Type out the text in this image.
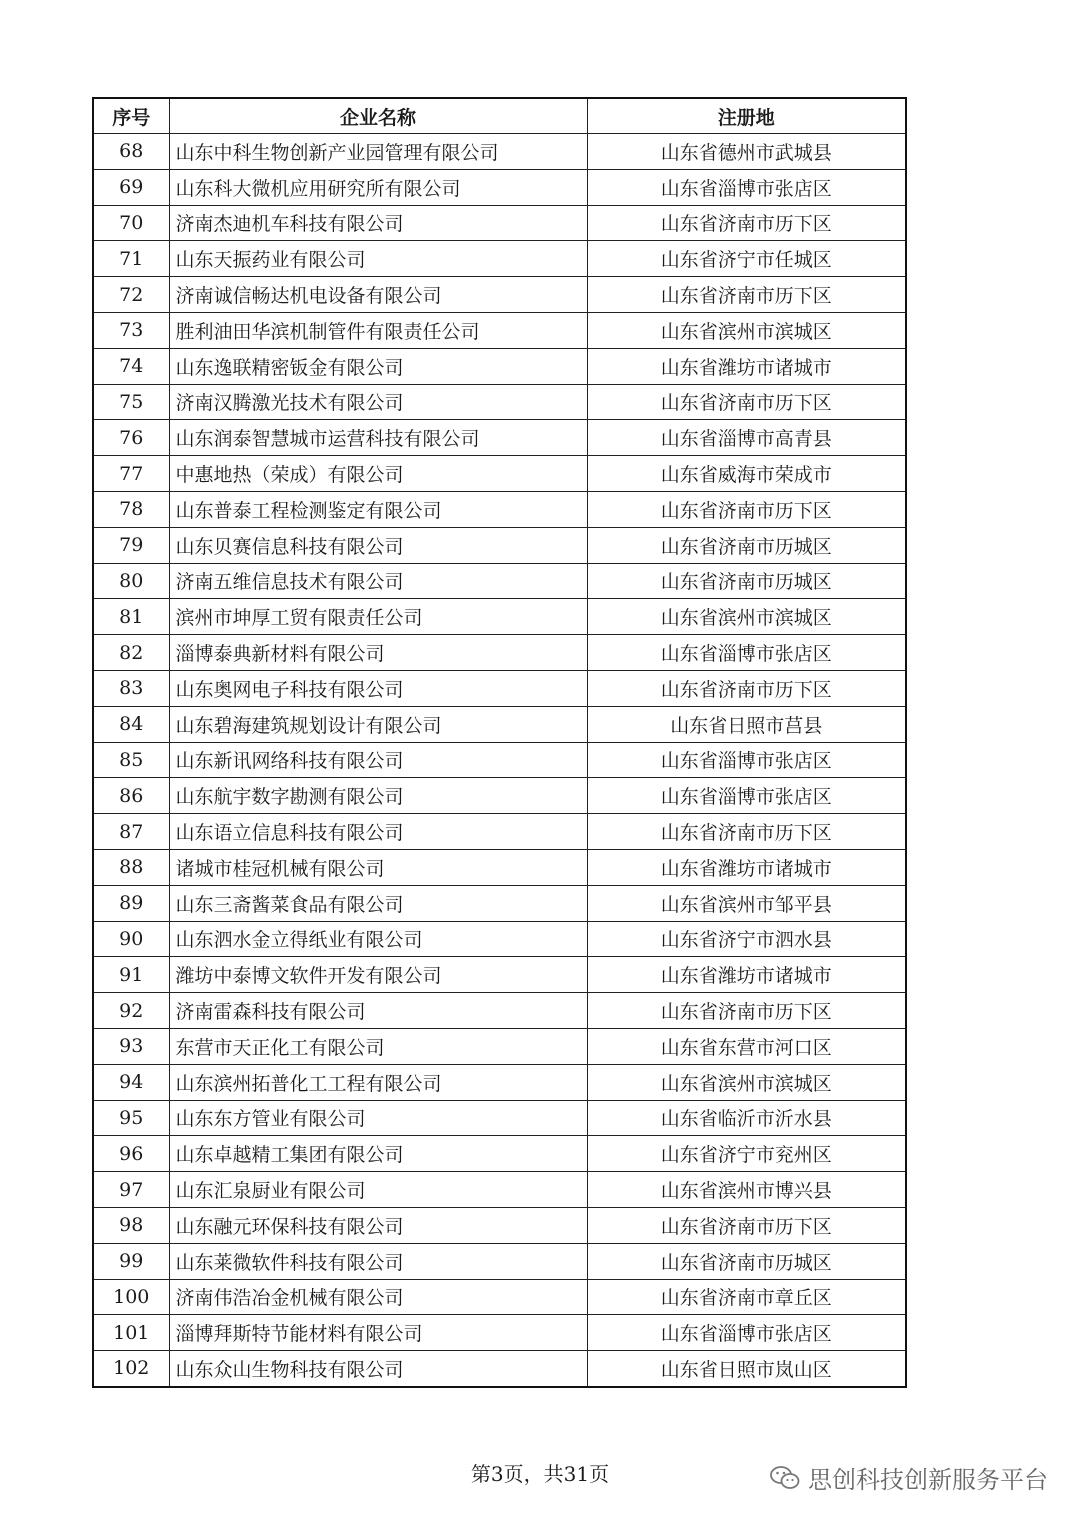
序号	企业名称	注册地
68	山东中科生物创新产业园管理有限公司	山东省德州市武城县
69	山东科大微机应用研究所有限公司	山东省淄博市张店区
70	济南杰迪机车科技有限公司	山东省济南市历下区
71	山东天振药业有限公司	山东省济宁市任城区
72	济南诚信畅达机电设备有限公司	山东省济南市历下区
73	胜利油田华滨机制管件有限责任公司	山东省滨州市滨城区
74	山东逸联精密钣金有限公司	山东省潍坊市诸城市
75	济南汉腾激光技术有限公司	山东省济南市历下区
76	山东润泰智慧城市运营科技有限公司	山东省淄博市高青县
77	中惠地热（荣成）有限公司	山东省威海市荣成市
78	山东普泰工程检测鉴定有限公司	山东省济南市历下区
79	山东贝赛信息科技有限公司	山东省济南市历城区
80	济南五维信息技术有限公司	山东省济南市历城区
81	滨州市坤厚工贸有限责任公司	山东省滨州市滨城区
82	淄博泰典新材料有限公司	山东省淄博市张店区
83	山东奥网电子科技有限公司	山东省济南市历下区
84	山东碧海建筑规划设计有限公司	山东省日照市莒县
85	山东新讯网络科技有限公司	山东省淄博市张店区
86	山东航宇数字勘测有限公司	山东省淄博市张店区
87	山东语立信息科技有限公司	山东省济南市历下区
88	诸城市桂冠机械有限公司	山东省潍坊市诸城市
89	山东三斋酱菜食品有限公司	山东省滨州市邹平县
90	山东泗水金立得纸业有限公司	山东省济宁市泗水县
91	潍坊中泰博文软件开发有限公司	山东省潍坊市诸城市
92	济南雷森科技有限公司	山东省济南市历下区
93	东营市天正化工有限公司	山东省东营市河口区
94	山东滨州拓普化工工程有限公司	山东省滨州市滨城区
95	山东东方管业有限公司	山东省临沂市沂水县
96	山东卓越精工集团有限公司	山东省济宁市兖州区
97	山东汇泉厨业有限公司	山东省滨州市博兴县
98	山东融元环保科技有限公司	山东省济南市历下区
99	山东莱微软件科技有限公司	山东省济南市历城区
100	济南伟浩冶金机械有限公司	山东省济南市章丘区
101	淄博拜斯特节能材料有限公司	山东省淄博市张店区
102	山东众山生物科技有限公司	山东省日照市岚山区
第3页，共31页	思创科技创新服务平台
